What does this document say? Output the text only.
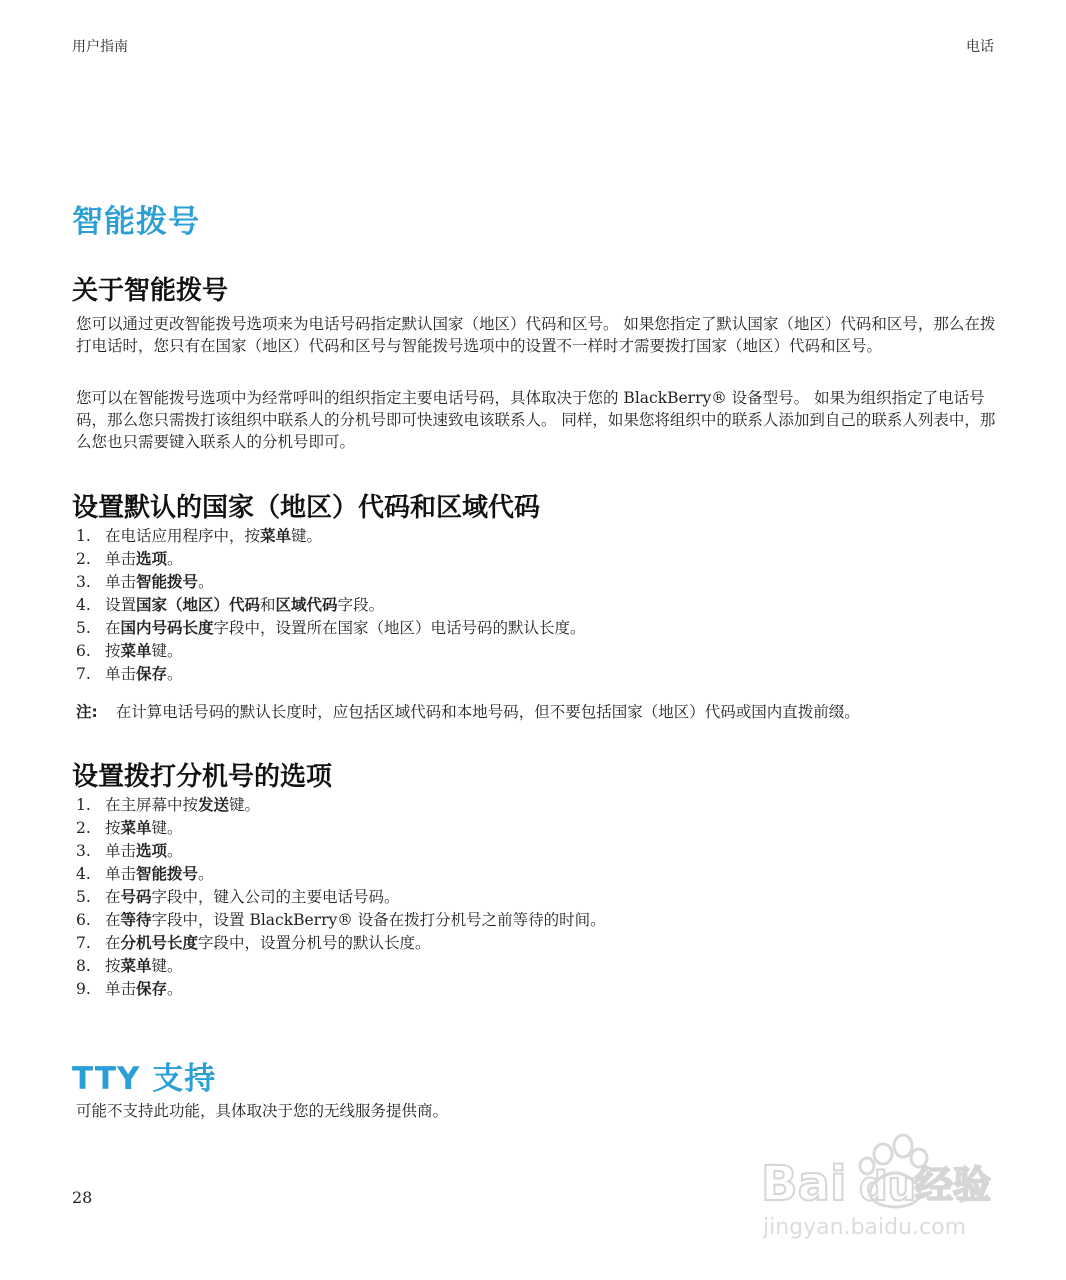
用户指南	电话
智能拨号
关于智能拨号

您可以通过更改智能拨号选项来为电话号码指定默认国家（地区）代码和区号。 如果您指定了默认国家（地区）代码和区号，那么在拨打电话时，您只有在国家（地区）代码和区号与智能拨号选项中的设置不一样时才需要拨打国家（地区）代码和区号。

您可以在智能拨号选项中为经常呼叫的组织指定主要电话号码，具体取决于您的 BlackBerry® 设备型号。 如果为组织指定了电话号码，那么您只需拨打该组织中联系人的分机号即可快速致电该联系人。 同样，如果您将组织中的联系人添加到自己的联系人列表中，那么您也只需要键入联系人的分机号即可。

设置默认的国家（地区）代码和区域代码
1. 在电话应用程序中，按菜单键。
2. 单击选项。
3. 单击智能拨号。
4. 设置国家（地区）代码和区域代码字段。
5. 在国内号码长度字段中，设置所在国家（地区）电话号码的默认长度。
6. 按菜单键。
7. 单击保存。
注: 在计算电话号码的默认长度时，应包括区域代码和本地号码，但不要包括国家（地区）代码或国内直拨前缀。
设置拨打分机号的选项
1. 在主屏幕中按发送键。
2. 按菜单键。
3. 单击选项。
4. 单击智能拨号。
5. 在号码字段中，键入公司的主要电话号码。
6. 在等待字段中，设置 BlackBerry® 设备在拨打分机号之前等待的时间。
7. 在分机号长度字段中，设置分机号的默认长度。
8. 按菜单键。
9. 单击保存。
TTY 支持

可能不支持此功能，具体取决于您的无线服务提供商。

28	Bai du
经验
jingyan.baidu.com
